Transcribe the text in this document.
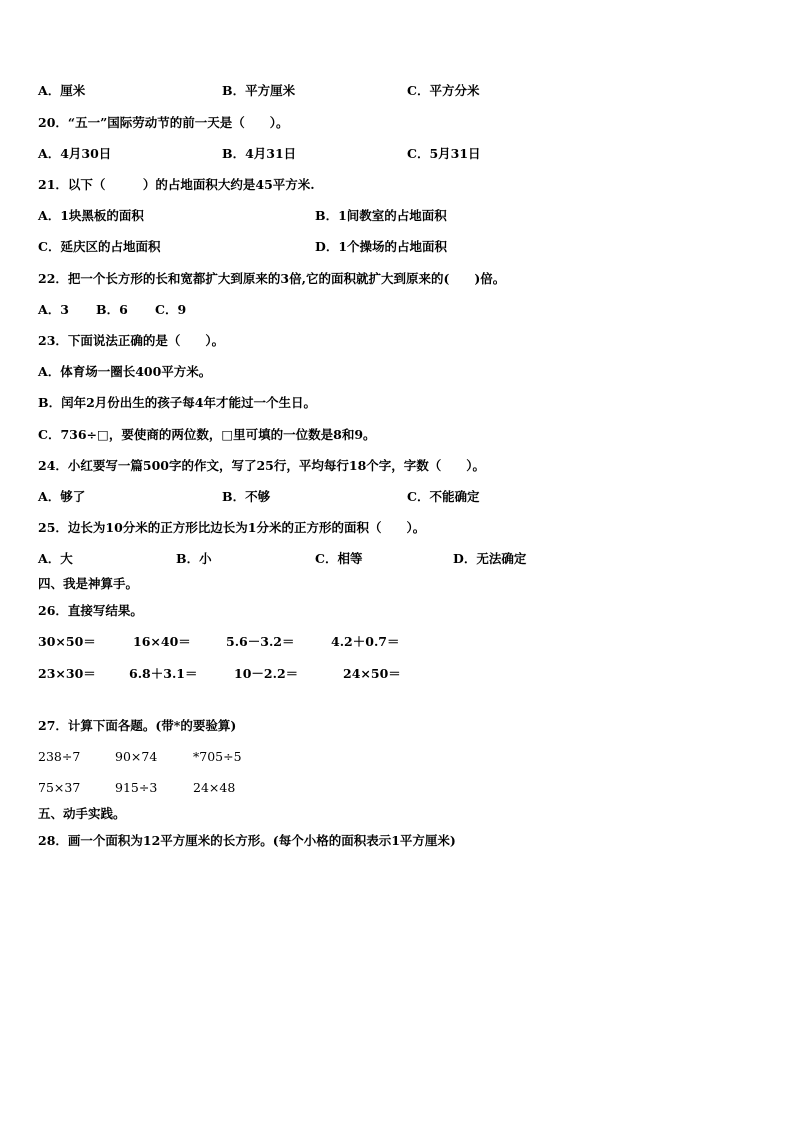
A．厘米	B．平方厘米	C．平方分米
20．“五一”国际劳动节的前一天是（　　）。
A．4月30日	B．4月31日	C．5月31日
21．以下（　　　）的占地面积大约是45平方米.
A．1块黑板的面积	B．1间教室的占地面积
C．延庆区的占地面积	D．1个操场的占地面积
22．把一个长方形的长和宽都扩大到原来的3倍,它的面积就扩大到原来的(　　)倍。
A．3 B．6 C．9
23．下面说法正确的是（　　）。
A．体育场一圈长400平方米。
B．闰年2月份出生的孩子每4年才能过一个生日。
C．736÷□，要使商的两位数，□里可填的一位数是8和9。
24．小红要写一篇500字的作文，写了25行，平均每行18个字，字数（　　）。
A．够了	B．不够	C．不能确定
25．边长为10分米的正方形比边长为1分米的正方形的面积（　　）。
A．大	B．小	C．相等	D．无法确定
四、我是神算手。
26．直接写结果。
30×50＝	16×40＝	5.6－3.2＝	4.2＋0.7＝
23×30＝	6.8＋3.1＝	10－2.2＝	24×50＝
27．计算下面各题。(带*的要验算)
238÷7	90×74	*705÷5
75×37	915÷3	24×48
五、动手实践。
28．画一个面积为12平方厘米的长方形。(每个小格的面积表示1平方厘米)
